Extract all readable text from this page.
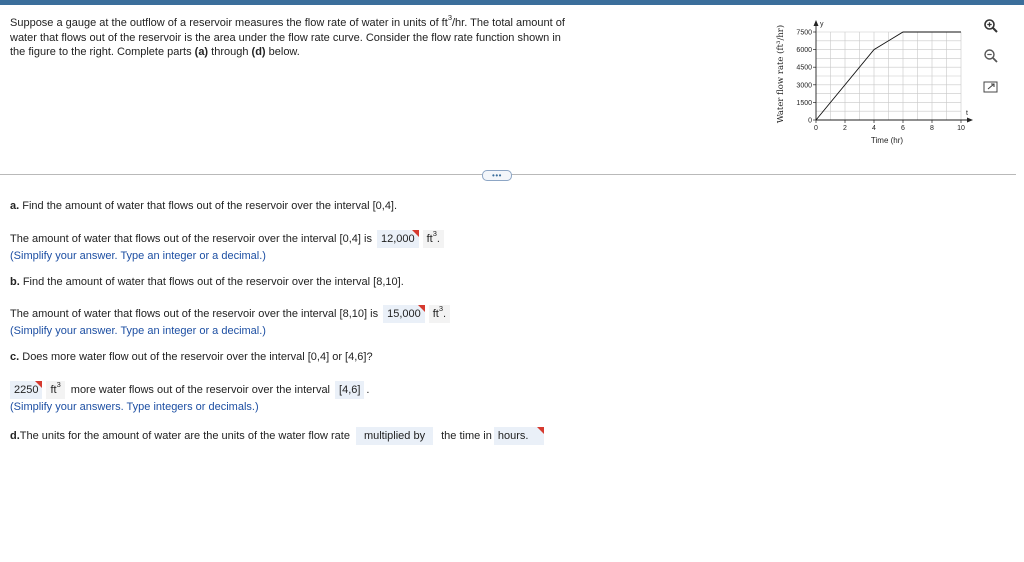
Suppose a gauge at the outflow of a reservoir measures the flow rate of water in units of $ft^3/hr$. The total amount of water that flows out of the reservoir is the area under the flow rate curve. Consider the flow rate function shown in the figure to the right. Complete parts (a) through (d) below.
t
y
0	2	4	6	8	10
0
1500
3000
4500
6000
7500
Water flow rate (ft³/hr)
Time (hr)
•••
a. Find the amount of water that flows out of the reservoir over the interval [0,4].
The amount of water that flows out of the reservoir over the interval [0,4] is 12,000	$ft^3$.
(Simplify your answer. Type an integer or a decimal.)
b. Find the amount of water that flows out of the reservoir over the interval [8,10].
The amount of water that flows out of the reservoir over the interval [8,10] is 15,000	$ft^3$.
(Simplify your answer. Type an integer or a decimal.)
c. Does more water flow out of the reservoir over the interval [0,4] or [4,6]?
2250	$ft^3$ more water flows out of the reservoir over the interval [4,6] .
(Simplify your answers. Type integers or decimals.)
d. The units for the amount of water are the units of the water flow rate	multiplied by	the time in hours.
